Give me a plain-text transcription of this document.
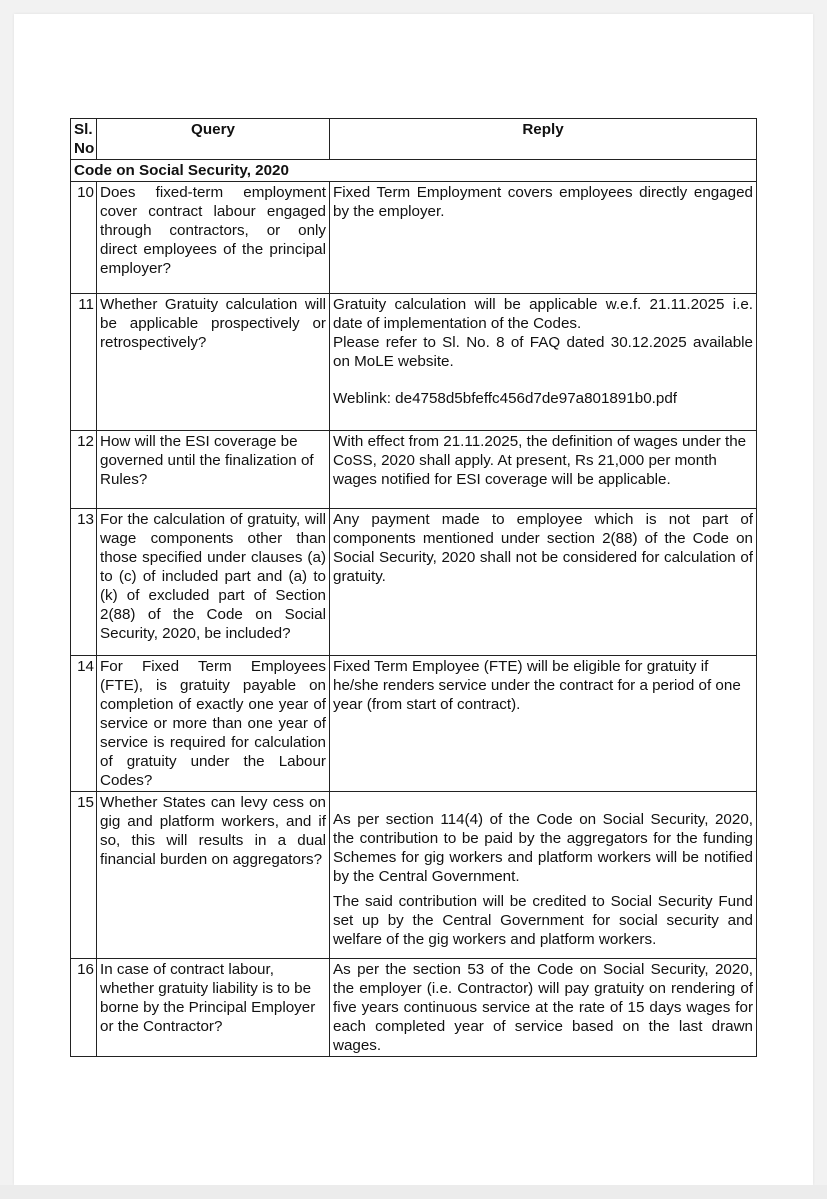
Sl.
No	Query	Reply
Code on Social Security, 2020		
10	Does fixed-term employment cover contract labour engaged through contractors, or only direct employees of the principal employer?	Fixed Term Employment covers employees directly engaged by the employer.

11	Whether Gratuity calculation will be applicable prospectively or retrospectively?	Gratuity calculation will be applicable w.e.f. 21.11.2025 i.e. date of implementation of the Codes.

Please refer to Sl. No. 8 of FAQ dated 30.12.2025 available on MoLE website.

Weblink: de4758d5bfeffc456d7de97a801891b0.pdf

12	How will the ESI coverage be governed until the finalization of Rules?	With effect from 21.11.2025, the definition of wages under the CoSS, 2020 shall apply. At present, Rs 21,000 per month wages notified for ESI coverage will be applicable.

13	For the calculation of gratuity, will wage components other than those specified under clauses (a) to (c) of included part and (a) to (k) of excluded part of Section 2(88) of the Code on Social Security, 2020, be included?	Any payment made to employee which is not part of components mentioned under section 2(88) of the Code on Social Security, 2020 shall not be considered for calculation of gratuity.

14	For Fixed Term Employees (FTE), is gratuity payable on completion of exactly one year of service or more than one year of service is required for calculation of gratuity under the Labour Codes?	Fixed Term Employee (FTE) will be eligible for gratuity if he/she renders service under the contract for a period of one year (from start of contract).

15	Whether States can levy cess on gig and platform workers, and if so, this will results in a dual financial burden on aggregators?	As per section 114(4) of the Code on Social Security, 2020, the contribution to be paid by the aggregators for the funding Schemes for gig workers and platform workers will be notified by the Central Government.

The said contribution will be credited to Social Security Fund set up by the Central Government for social security and welfare of the gig workers and platform workers.

16	In case of contract labour, whether gratuity liability is to be borne by the Principal Employer or the Contractor?	As per the section 53 of the Code on Social Security, 2020, the employer (i.e. Contractor) will pay gratuity on rendering of five years continuous service at the rate of 15 days wages for each completed year of service based on the last drawn wages.
